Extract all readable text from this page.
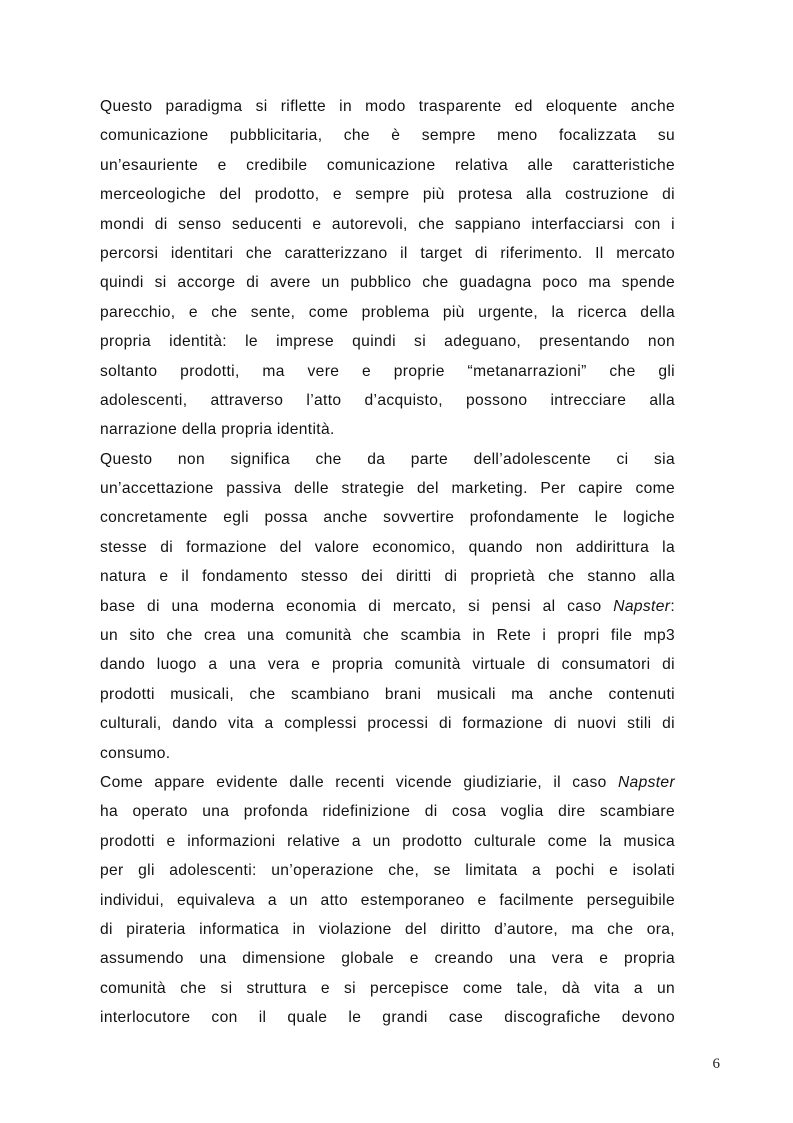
Questo paradigma si riflette in modo trasparente ed eloquente anche
comunicazione pubblicitaria, che è sempre meno focalizzata su
un’esauriente e credibile comunicazione relativa alle caratteristiche
merceologiche del prodotto, e sempre più protesa alla costruzione di
mondi di senso seducenti e autorevoli, che sappiano interfacciarsi con i
percorsi identitari che caratterizzano il target di riferimento. Il mercato
quindi si accorge di avere un pubblico che guadagna poco ma spende
parecchio, e che sente, come problema più urgente, la ricerca della
propria identità: le imprese quindi si adeguano, presentando non
soltanto prodotti, ma vere e proprie “metanarrazioni” che gli
adolescenti, attraverso l’atto d’acquisto, possono intrecciare alla
narrazione della propria identità.
Questo non significa che da parte dell’adolescente ci sia
un’accettazione passiva delle strategie del marketing. Per capire come
concretamente egli possa anche sovvertire profondamente le logiche
stesse di formazione del valore economico, quando non addirittura la
natura e il fondamento stesso dei diritti di proprietà che stanno alla
base di una moderna economia di mercato, si pensi al caso Napster:
un sito che crea una comunità che scambia in Rete i propri file mp3
dando luogo a una vera e propria comunità virtuale di consumatori di
prodotti musicali, che scambiano brani musicali ma anche contenuti
culturali, dando vita a complessi processi di formazione di nuovi stili di
consumo.
Come appare evidente dalle recenti vicende giudiziarie, il caso Napster
ha operato una profonda ridefinizione di cosa voglia dire scambiare
prodotti e informazioni relative a un prodotto culturale come la musica
per gli adolescenti: un’operazione che, se limitata a pochi e isolati
individui, equivaleva a un atto estemporaneo e facilmente perseguibile
di pirateria informatica in violazione del diritto d’autore, ma che ora,
assumendo una dimensione globale e creando una vera e propria
comunità che si struttura e si percepisce come tale, dà vita a un
interlocutore con il quale le grandi case discografiche devono
6
